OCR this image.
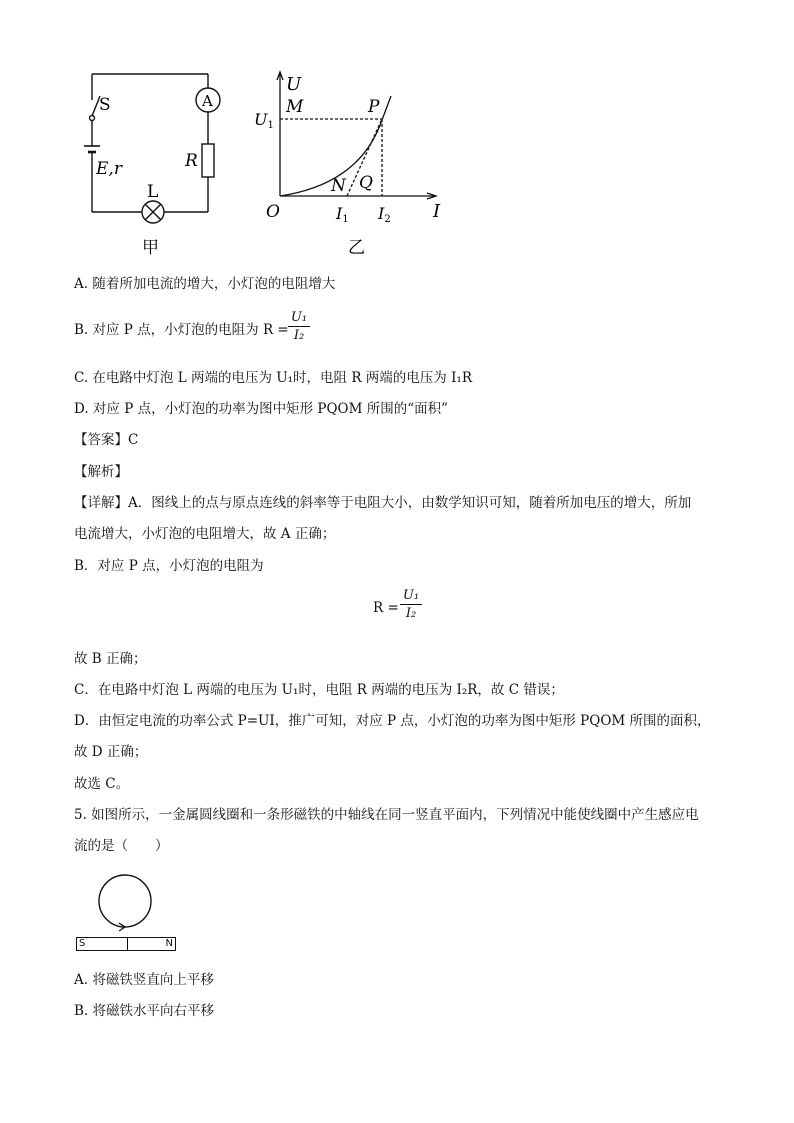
S
E,r
A
R
L
甲
U
I
O
U1
M	P
N Q
I1 I2
乙
A. 随着所加电流的增大，小灯泡的电阻增大
B. 对应 P 点，小灯泡的电阻为 R =
U₁
I₂
C. 在电路中灯泡 L 两端的电压为 U₁时，电阻 R 两端的电压为 I₁R
D. 对应 P 点，小灯泡的功率为图中矩形 PQOM 所围的“面积”
【答案】C
【解析】
【详解】A．图线上的点与原点连线的斜率等于电阻大小，由数学知识可知，随着所加电压的增大，所加
电流增大，小灯泡的电阻增大，故 A 正确；
B．对应 P 点，小灯泡的电阻为
R =
U₁
I₂
故 B 正确；
C．在电路中灯泡 L 两端的电压为 U₁时，电阻 R 两端的电压为 I₂R，故 C 错误；
D．由恒定电流的功率公式 P=UI，推广可知，对应 P 点，小灯泡的功率为图中矩形 PQOM 所围的面积，
故 D 正确；
故选 C。
5. 如图所示，一金属圆线圈和一条形磁铁的中轴线在同一竖直平面内，下列情况中能使线圈中产生感应电
流的是（　　）
S	N
A. 将磁铁竖直向上平移
B. 将磁铁水平向右平移
